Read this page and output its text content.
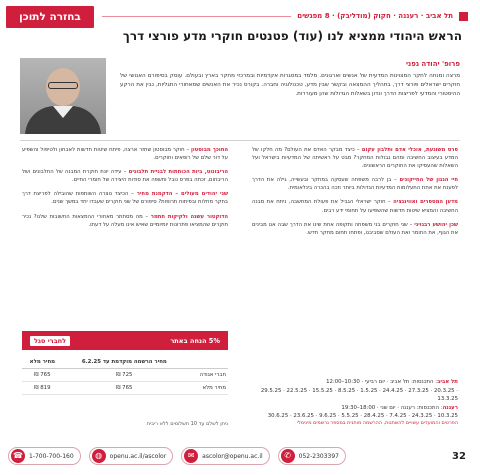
בחזרה לתוכן עניינים
תל אביב · רעננה · חקוק (מודליבק) · 8 מפגשים
הראש היהודי ממציא לנו (עוד) פטנטים חוקרי מדע פורצי דרך
פרופ' יהודה גפני
מרצה ומנחה לחקר המצוינות המדעית של אנשים וארגונים. מלמד במסגרות אקדמיות ובמרכזי מחקר בארץ ובעולם. עוסק בסיפורם האנושי של חוקרים ישראלים פורצי דרך, בתהליך ההמצאה ובקשר שבין מדע, טכנולוגיה וחברה. בקורס נכיר את האנשים שמאחורי התגליות, נבין את הרקע ההיסטורי והמדעי לפריצות הדרך ונדון בשאלות הגדולות שהן מעוררות.
פרס משוגעת, אוכלי אדם ותלבון עקום – כיצד מבקר האדם את העולם? מה חלקו של המדע בעיצוב החשיבה ומהם גבולות המחקר? מבט על ראשיתה של המדעיות בישראל ועל השאלות שהעסיקו את החוקרים הראשונים.
חיי הגנון של החייקונים – בן לרבה משפחה שעסקה במחקר ובעשייה, גילה את הדרך לפענח את אחת התעלומות המדעיות הגדולות ביותר וזכה בהכרה בינלאומית.
מדען המספרים ואווינגציה – חוקר ישראלי הגביל את פעולת המחשבה, ניתח את מבנה החשיבה והמציא שיטות חדשות שהשפיעו על תחומי ידע רבים.
שכן יהושע רבגויני – שני חוקרים בני משפחה ותקופה אחת שינו את הדרך שבה אנו מבינים את הגוף, את החומר ואת העולם שסביבנו, ופתחו תחום מחקר חדש.
החוכך מבוסטון – חוקר מבוסטון שחזר ארצה, פיתח שיטות חדשות לאבחון ולטיפול והשפיע על דור שלם של רופאים וחוקרים.
הריבונוט, ביות הכוחתות לבניית תלבונים – עידה יונת חוקרת המבנה של החלבונים ושל הריבוזום, זכתה בפרס נובל וחשפה את סודות היצירה של חומרי החיים.
שני יהודים מעולים – הדקמנת מחיר – הכיצד נוצרה השותפות שהובילה לפריצת דרך בחקר מחלות ובפיתוח תרופות? סיפורם של שני חוקרים שעבדו יחד במשך שנים.
הדוקטור עשנה ולקיקות חתמר – מה מסתתר מאחורי ההמצאות החשובות שלנו? נכיר חוקרים שהמציאו פתרונות יומיומיים שאיש אינו מעלה על דעתו.
5% הנחה באתר
לחברי סגל
	מחיר הרשמה מוקדמת עד 6.2.25	מחיר מלא
חברי אגודה	725 ₪	765 ₪
מחיר מלא	765 ₪	819 ₪
ניתן לשלם עד 10 תשלומים ללא ריבית
תל אביב: התכנסות: תל אביב · יום רביעי · 10:30–12:00
29.5.25 · 22.5.25 · 15.5.25 · 8.5.25 · 1.5.25 · 24.4.25 · 27.3.25 · 20.3.25 · 13.3.25
רעננה: התכנסות: רעננה · יום שני · 18:00–19:30
30.6.25 · 23.6.25 · 9.6.25 · 5.5.25 · 28.4.25 · 7.4.25 · 24.3.25 · 10.3.25
הפרטים והמועדים עשויים להשתנות, ההרשמה מותנית במספר נרשמים מינימלי
☎	1-700-700-160	◍	openu.ac.il/ascolor	✉	ascolor@openu.ac.il	✆	052-2303397	32
